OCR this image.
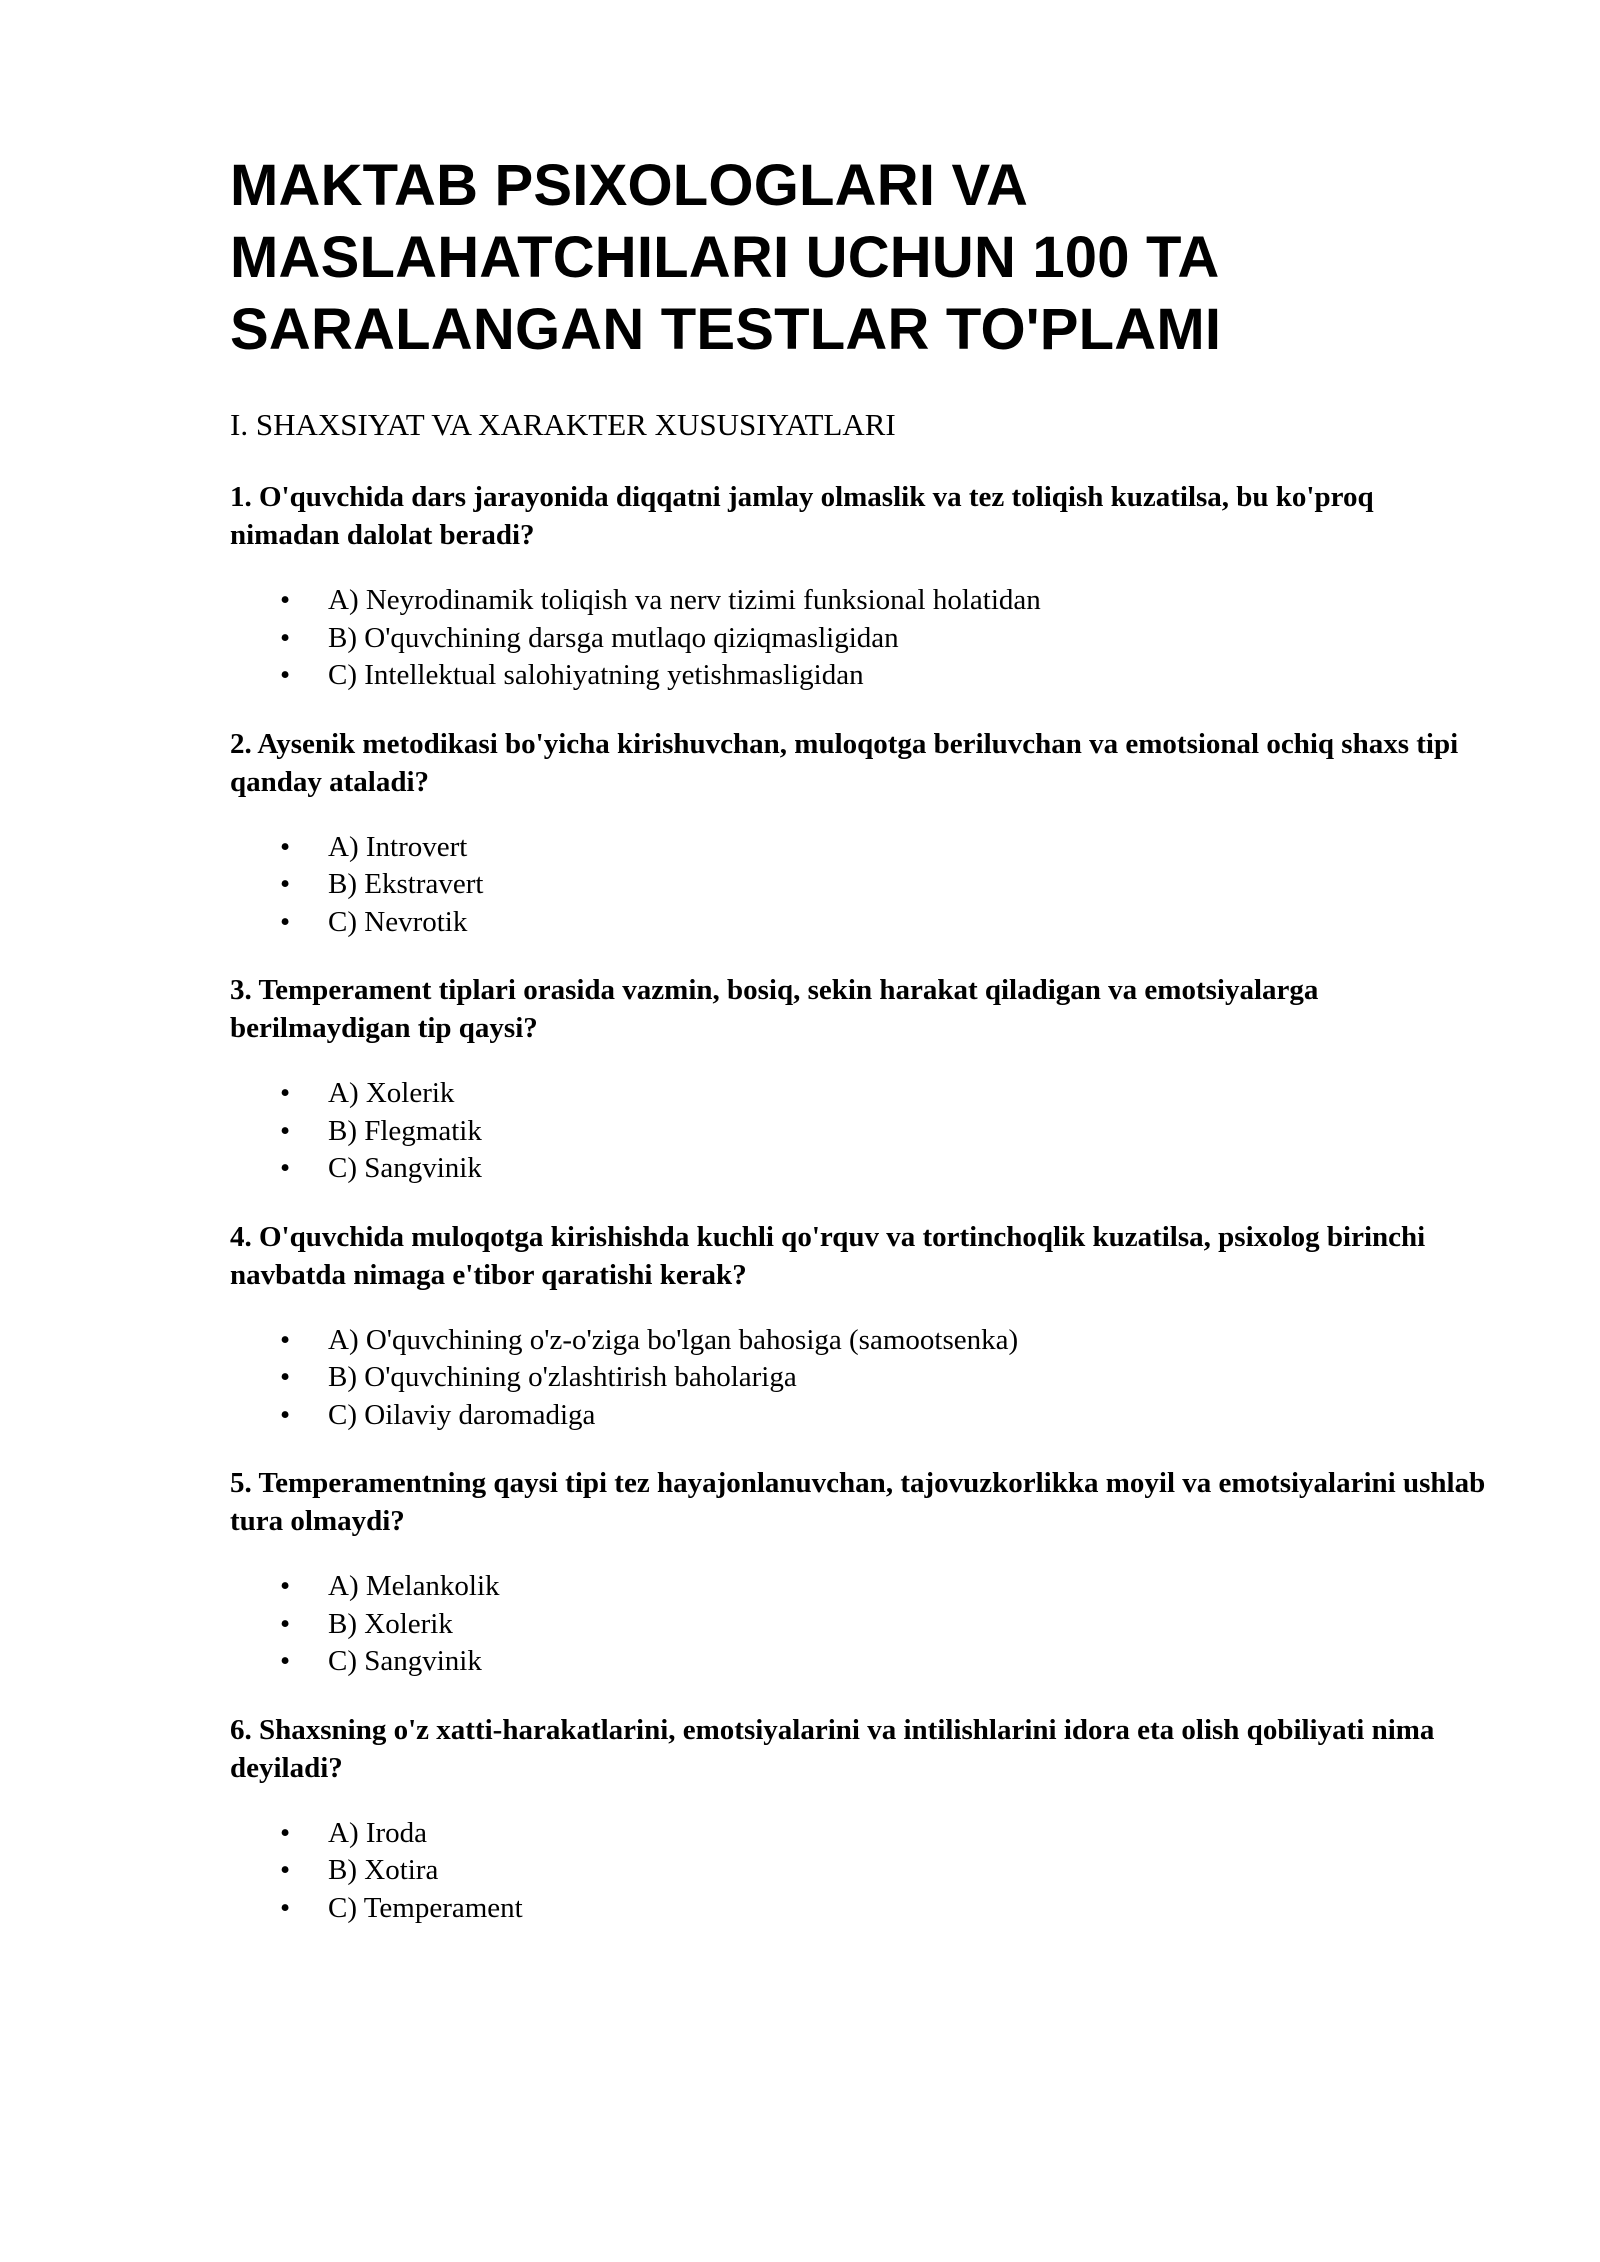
MAKTAB PSIXOLOGLARI VA MASLAHATCHILARI UCHUN 100 TA SARALANGAN TESTLAR TO'PLAMI
I. SHAXSIYAT VA XARAKTER XUSUSIYATLARI

1. O'quvchida dars jarayonida diqqatni jamlay olmaslik va tez toliqish kuzatilsa, bu ko'proq nimadan dalolat beradi?

• A) Neyrodinamik toliqish va nerv tizimi funksional holatidan
• B) O'quvchining darsga mutlaqo qiziqmasligidan
• C) Intellektual salohiyatning yetishmasligidan

2. Aysenik metodikasi bo'yicha kirishuvchan, muloqotga beriluvchan va emotsional ochiq shaxs tipi qanday ataladi?

• A) Introvert
• B) Ekstravert
• C) Nevrotik

3. Temperament tiplari orasida vazmin, bosiq, sekin harakat qiladigan va emotsiyalarga berilmaydigan tip qaysi?

• A) Xolerik
• B) Flegmatik
• C) Sangvinik

4. O'quvchida muloqotga kirishishda kuchli qo'rquv va tortinchoqlik kuzatilsa, psixolog birinchi navbatda nimaga e'tibor qaratishi kerak?

• A) O'quvchining o'z-o'ziga bo'lgan bahosiga (samootsenka)
• B) O'quvchining o'zlashtirish baholariga
• C) Oilaviy daromadiga

5. Temperamentning qaysi tipi tez hayajonlanuvchan, tajovuzkorlikka moyil va emotsiyalarini ushlab tura olmaydi?

• A) Melankolik
• B) Xolerik
• C) Sangvinik

6. Shaxsning o'z xatti-harakatlarini, emotsiyalarini va intilishlarini idora eta olish qobiliyati nima deyiladi?

• A) Iroda
• B) Xotira
• C) Temperament
